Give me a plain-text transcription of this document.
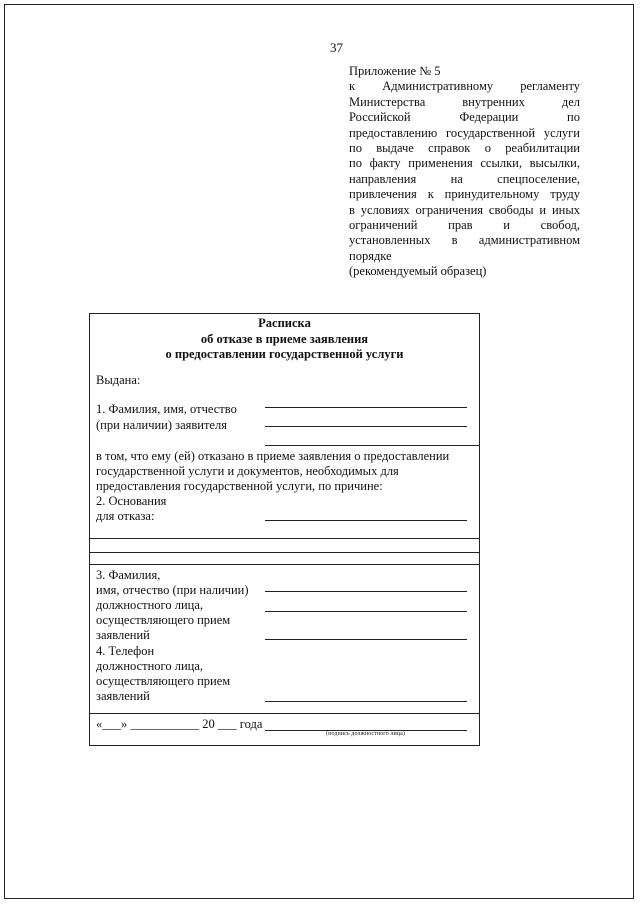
37
Приложение № 5
к Административному регламенту
Министерства внутренних дел
Российской Федерации по
предоставлению государственной услуги
по выдаче справок о реабилитации
по факту применения ссылки, высылки,
направления на спецпоселение,
привлечения к принудительному труду
в условиях ограничения свободы и иных
ограничений прав и свобод,
установленных в административном
порядке
(рекомендуемый образец)
Расписка
об отказе в приеме заявления
о предоставлении государственной услуги
Выдана:
1. Фамилия, имя, отчество
(при наличии) заявителя
в том, что ему (ей) отказано в приеме заявления о предоставлении
государственной услуги и документов, необходимых для
предоставления государственной услуги, по причине:
2. Основания
для отказа:
3. Фамилия,
имя, отчество (при наличии)
должностного лица,
осуществляющего прием
заявлений
4. Телефон
должностного лица,
осуществляющего прием
заявлений
«___» ___________ 20 ___ года
(подпись должностного лица)
